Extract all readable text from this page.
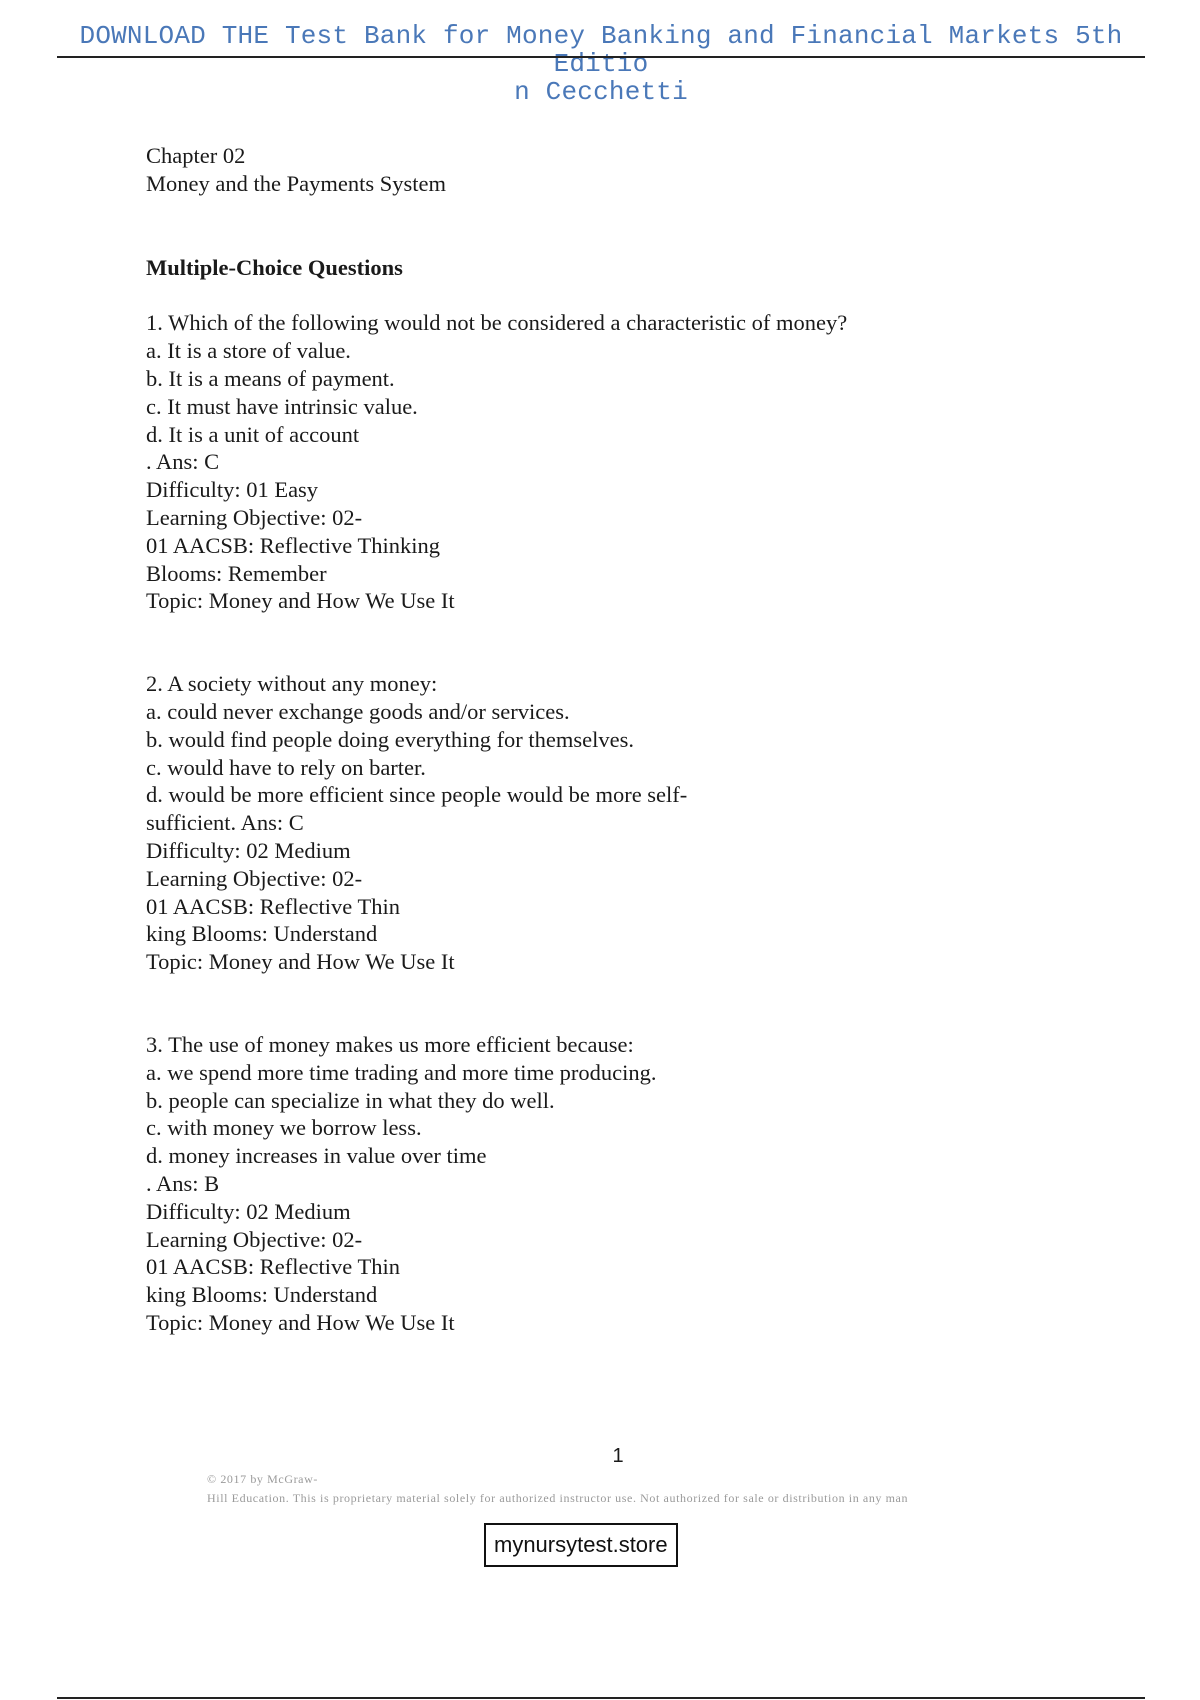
DOWNLOAD THE Test Bank for Money Banking and Financial Markets 5th Editio
n Cecchetti
Chapter 02
Money and the Payments System
Multiple-Choice Questions
1. Which of the following would not be considered a characteristic of money?
a. It is a store of value.
b. It is a means of payment.
c. It must have intrinsic value.
d. It is a unit of account
. Ans: C
Difficulty: 01 Easy
Learning Objective: 02-
01 AACSB: Reflective Thinking
Blooms: Remember
Topic: Money and How We Use It
2. A society without any money:
a. could never exchange goods and/or services.
b. would find people doing everything for themselves.
c. would have to rely on barter.
d. would be more efficient since people would be more self-
sufficient. Ans: C
Difficulty: 02 Medium
Learning Objective: 02-
01 AACSB: Reflective Thin
king Blooms: Understand
Topic: Money and How We Use It
3. The use of money makes us more efficient because:
a. we spend more time trading and more time producing.
b. people can specialize in what they do well.
c. with money we borrow less.
d. money increases in value over time
. Ans: B
Difficulty: 02 Medium
Learning Objective: 02-
01 AACSB: Reflective Thin
king Blooms: Understand
Topic: Money and How We Use It
1
© 2017 by McGraw-
Hill Education. This is proprietary material solely for authorized instructor use. Not authorized for sale or distribution in any man
mynursytest.store
